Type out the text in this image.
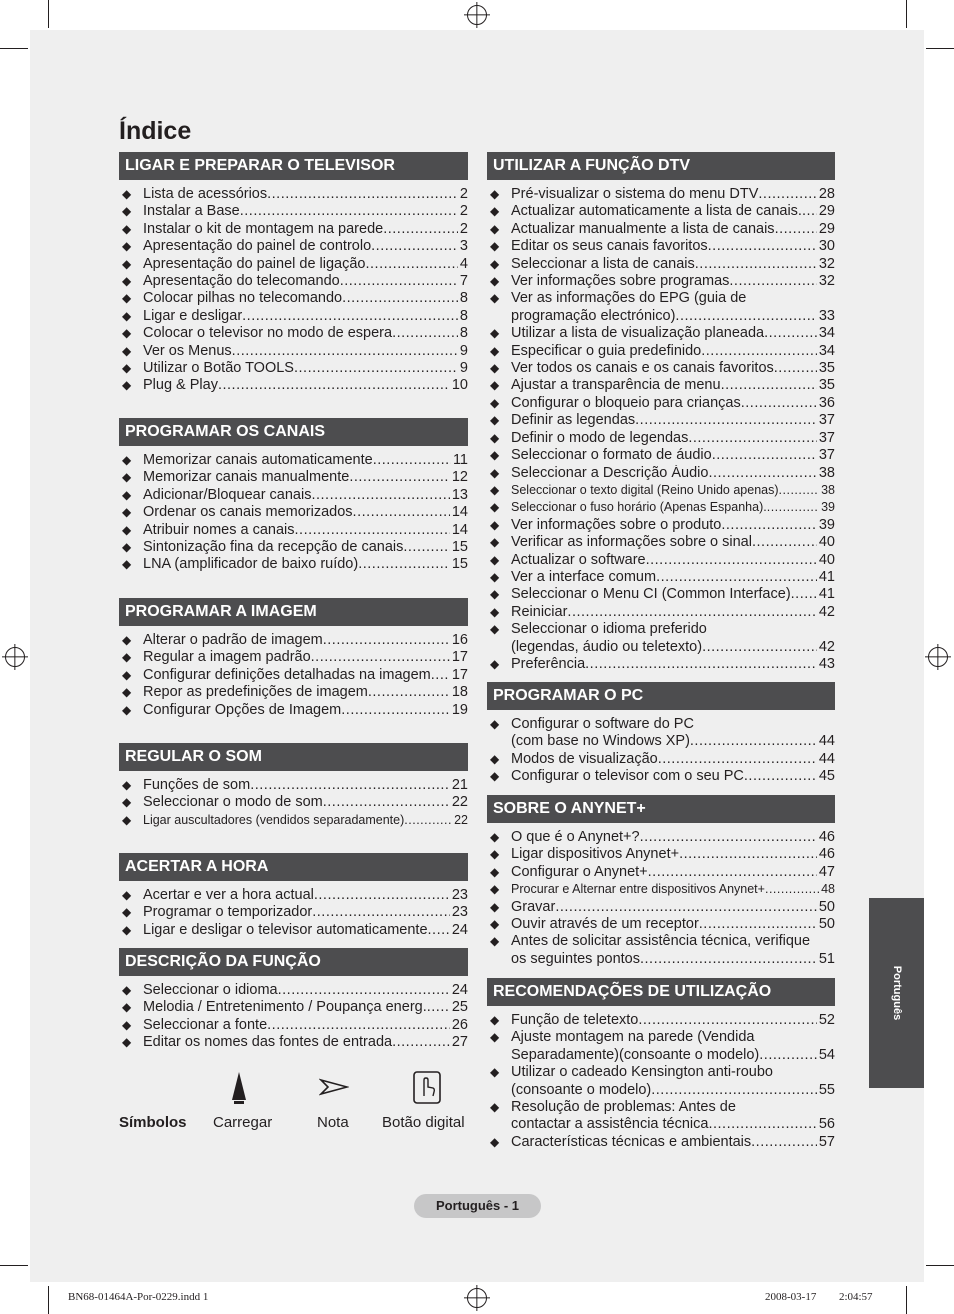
Índice
LIGAR E PREPARAR O TELEVISOR
◆ Lista de acessórios .....	2
◆ Instalar a Base .....	2
◆ Instalar o kit de montagem na parede .....	2
◆ Apresentação do painel de controlo .....	3
◆ Apresentação do painel de ligação .....	4
◆ Apresentação do telecomando .....	7
◆ Colocar pilhas no telecomando .....	8
◆ Ligar e desligar .....	8
◆ Colocar o televisor no modo de espera .....	8
◆ Ver os Menus .....	9
◆ Utilizar o Botão TOOLS .....	9
◆ Plug & Play .....	10
PROGRAMAR OS CANAIS
◆ Memorizar canais automaticamente .....	11
◆ Memorizar canais manualmente .....	12
◆ Adicionar/Bloquear canais .....	13
◆ Ordenar os canais memorizados .....	14
◆ Atribuir nomes a canais .....	14
◆ Sintonização fina da recepção de canais .....	15
◆ LNA (amplificador de baixo ruído) .....	15
PROGRAMAR A IMAGEM
◆ Alterar o padrão de imagem .....	16
◆ Regular a imagem padrão .....	17
◆ Configurar definições detalhadas na imagem ..... 17
◆ Repor as predefinições de imagem .....	18
◆ Configurar Opções de Imagem .....	19
REGULAR O SOM
◆ Funções de som .....	21
◆ Seleccionar o modo de som .....	22
◆ Ligar auscultadores (vendidos separadamente) .....	22
ACERTAR A HORA
◆ Acertar e ver a hora actual .....	23
◆ Programar o temporizador .....	23
◆ Ligar e desligar o televisor automaticamente ..... 24
DESCRIÇÃO DA FUNÇÃO
◆ Seleccionar o idioma .....	24
◆ Melodia / Entretenimento / Poupança energ. ..... 25
◆ Seleccionar a fonte .....	26
◆ Editar os nomes das fontes de entrada .....	27
UTILIZAR A FUNÇÃO DTV
◆ Pré-visualizar o sistema do menu DTV .....	28
◆ Actualizar automaticamente a lista de canais. ..... 29
◆ Actualizar manualmente a lista de canais .....	29
◆ Editar os seus canais favoritos .....	30
◆ Seleccionar a lista de canais .....	32
◆ Ver informações sobre programas .....	32
◆ Ver as informações do EPG (guia de
programação electrónico) .....	33
◆ Utilizar a lista de visualização planeada .....	34
◆ Especificar o guia predefinido .....	34
◆ Ver todos os canais e os canais favoritos .....	35
◆ Ajustar a transparência de menu .....	35
◆ Configurar o bloqueio para crianças .....	36
◆ Definir as legendas .....	37
◆ Definir o modo de legendas .....	37
◆ Seleccionar o formato de áudio .....	37
◆ Seleccionar a Descrição Áudio .....	38
◆ Seleccionar o texto digital (Reino Unido apenas) .....	38
◆ Seleccionar o fuso horário (Apenas Espanha). .....	39
◆ Ver informações sobre o produto .....	39
◆ Verificar as informações sobre o sinal .....	40
◆ Actualizar o software .....	40
◆ Ver a interface comum .....	41
◆ Seleccionar o Menu CI (Common Interface) ..... 41
◆ Reiniciar .....	42
◆ Seleccionar o idioma preferido
(legendas, áudio ou teletexto) .....	42
◆ Preferência .....	43
PROGRAMAR O PC
◆ Configurar o software do PC
(com base no Windows XP) .....	44
◆ Modos de visualização .....	44
◆ Configurar o televisor com o seu PC .....	45
SOBRE O ANYNET+
◆ O que é o Anynet+? .....	46
◆ Ligar dispositivos Anynet+ .....	46
◆ Configurar o Anynet+ .....	47
◆ Procurar e Alternar entre dispositivos Anynet+ .....	48
◆ Gravar .....	50
◆ Ouvir através de um receptor .....	50
◆ Antes de solicitar assistência técnica, verifique
os seguintes pontos .....	51
RECOMENDAÇÕES DE UTILIZAÇÃO
◆ Função de teletexto .....	52
◆ Ajuste montagem na parede (Vendida
Separadamente)(consoante o modelo) .....	54
◆ Utilizar o cadeado Kensington anti-roubo
(consoante o modelo) .....	55
◆ Resolução de problemas: Antes de
contactar a assistência técnica .....	56
◆ Características técnicas e ambientais .....	57
Português
Símbolos Carregar	Nota Botão digital
Português - 1
BN68-01464A-Por-0229.indd 1	2008-03-17 ￿￿ 2:04:57
